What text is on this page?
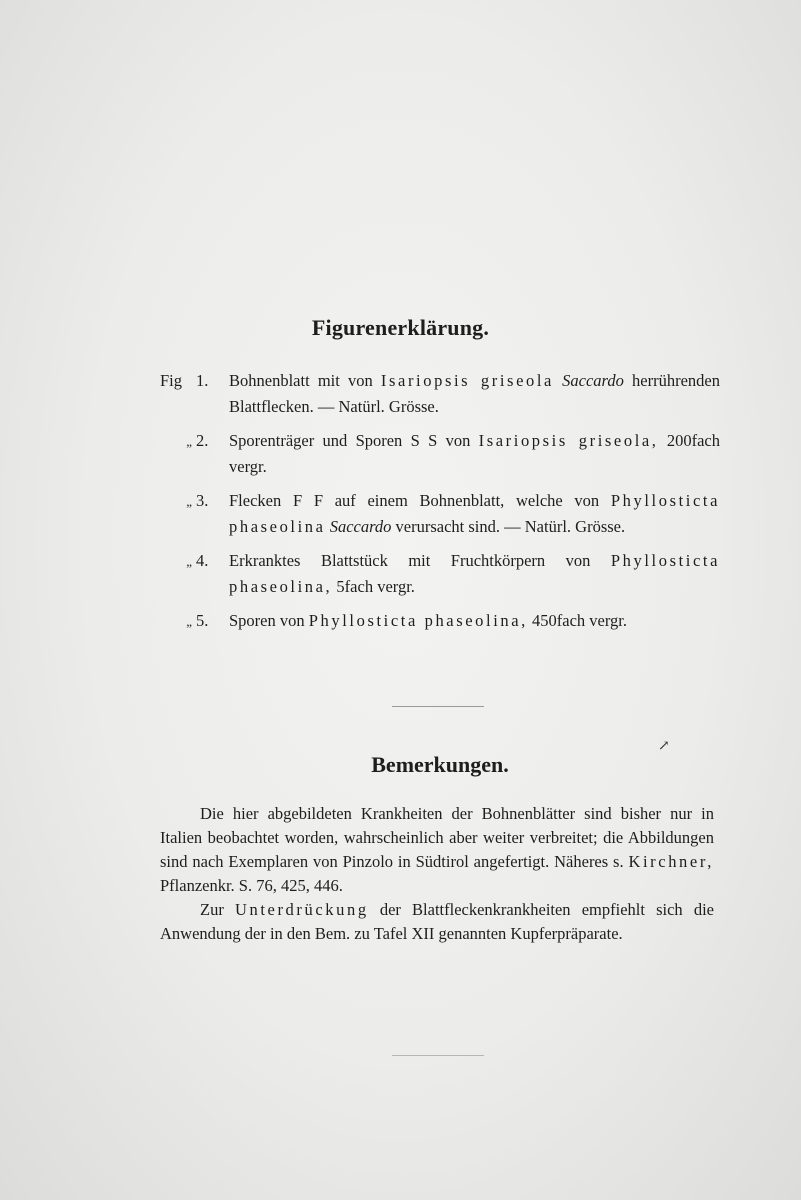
Figurenerklärung.
Fig 1.	Bohnenblatt mit von Isariopsis griseola Saccardo herrührenden Blattflecken. — Natürl. Grösse.
„ 2.	Sporenträger und Sporen S S von Isariopsis griseola, 200fach vergr.
„ 3.	Flecken F F auf einem Bohnenblatt, welche von Phyllosticta phaseolina Saccardo verursacht sind. — Natürl. Grösse.
„ 4.	Erkranktes Blattstück mit Fruchtkörpern von Phyllosticta phaseolina, 5fach vergr.
„ 5.	Sporen von Phyllosticta phaseolina, 450fach vergr.
↗
Bemerkungen.

Die hier abgebildeten Krankheiten der Bohnenblätter sind bisher nur in Italien beobachtet worden, wahrscheinlich aber weiter verbreitet; die Abbildungen sind nach Exemplaren von Pinzolo in Südtirol angefertigt. Näheres s. Kirchner, Pflanzenkr. S. 76, 425, 446.

Zur Unterdrückung der Blattfleckenkrankheiten empfiehlt sich die Anwendung der in den Bem. zu Tafel XII genannten Kupferpräparate.
